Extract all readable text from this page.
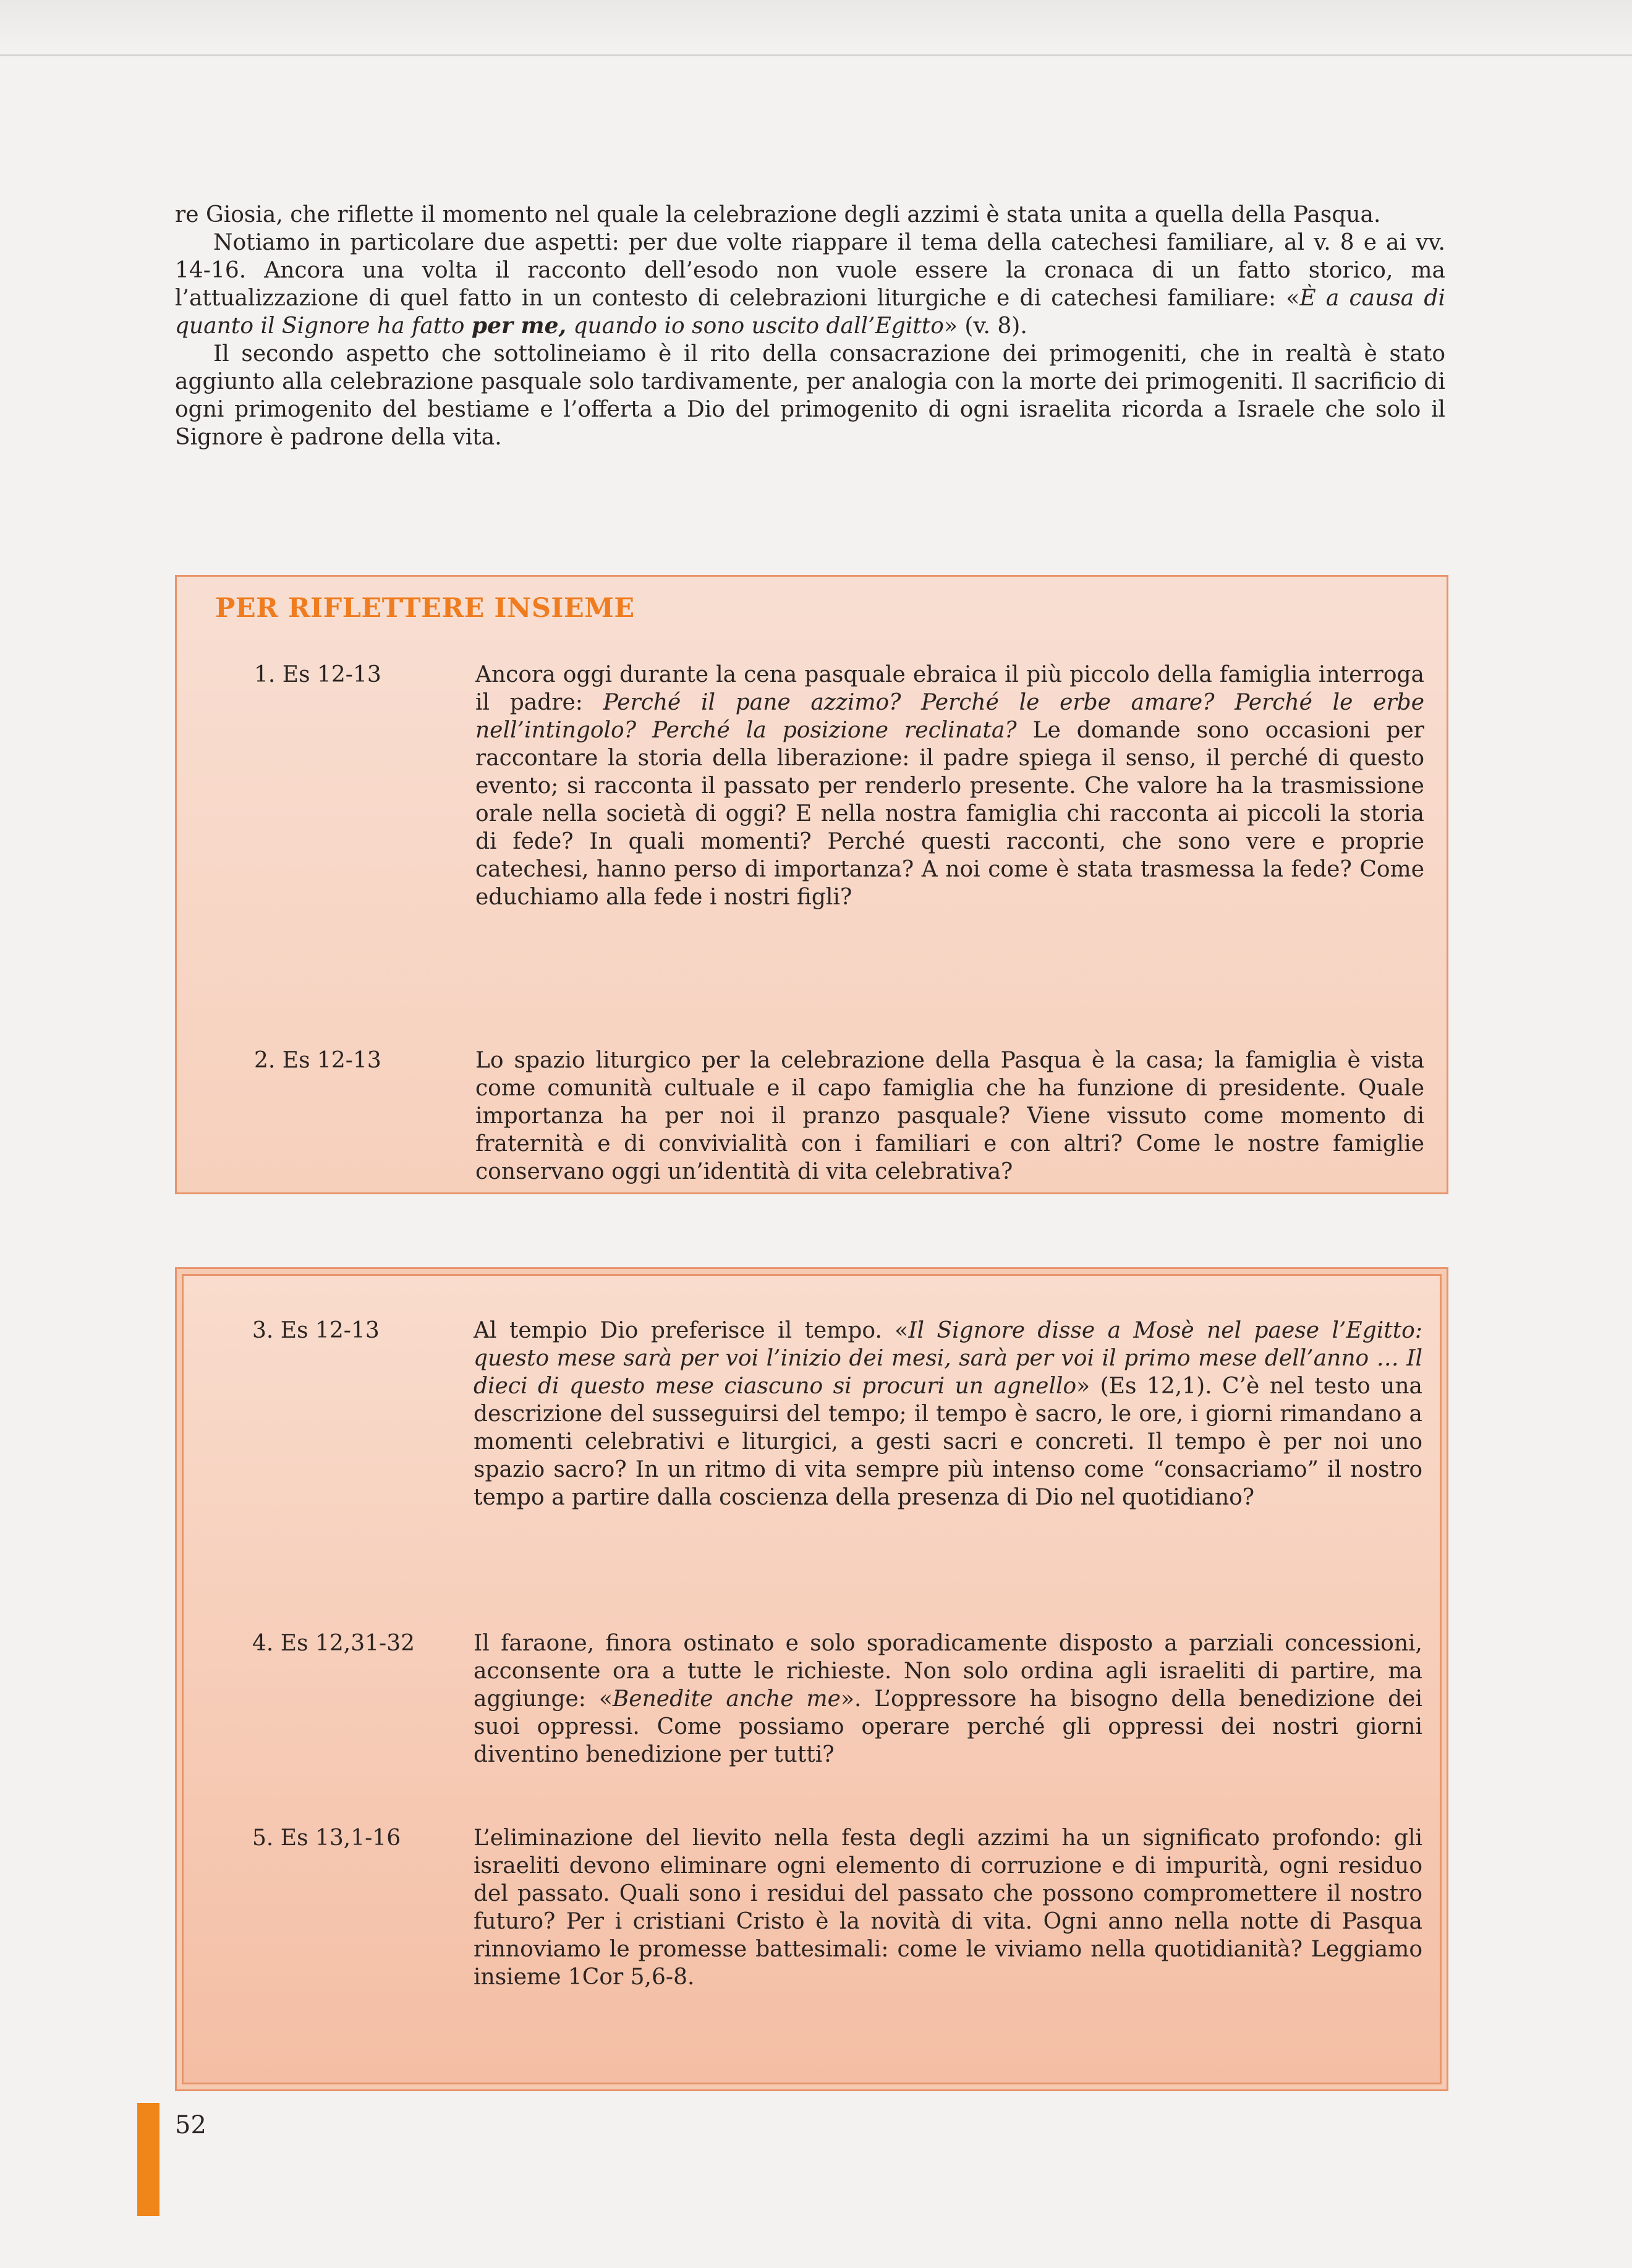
re Giosia, che riflette il momento nel quale la celebrazione degli azzimi è stata unita a quella della Pasqua.

Notiamo in particolare due aspetti: per due volte riappare il tema della catechesi familiare, al v. 8 e ai vv. 14-16. Ancora una volta il racconto dell’esodo non vuole essere la cronaca di un fatto storico, ma l’attualizzazione di quel fatto in un contesto di celebrazioni liturgiche e di catechesi familiare: «È a causa di quanto il Signore ha fatto per me, quando io sono uscito dall’Egitto» (v. 8).

Il secondo aspetto che sottolineiamo è il rito della consacrazione dei primogeniti, che in realtà è stato aggiunto alla celebrazione pasquale solo tardivamente, per analogia con la morte dei primogeniti. Il sacrificio di ogni primogenito del bestiame e l’offerta a Dio del primogenito di ogni israelita ricorda a Israele che solo il Signore è padrone della vita.

PER RIFLETTERE INSIEME
1. Es 12-13	Ancora oggi durante la cena pasquale ebraica il più piccolo della famiglia interroga il padre: Perché il pane azzimo? Perché le erbe amare? Perché le erbe nell’intingolo? Perché la posizione reclinata? Le domande sono occasioni per raccontare la storia della liberazione: il padre spiega il senso, il perché di questo evento; si racconta il passato per renderlo presente. Che valore ha la trasmissione orale nella società di oggi? E nella nostra famiglia chi racconta ai piccoli la storia di fede? In quali momenti? Perché questi racconti, che sono vere e proprie catechesi, hanno perso di importanza? A noi come è stata trasmessa la fede? Come educhiamo alla fede i nostri figli?
2. Es 12-13	Lo spazio liturgico per la celebrazione della Pasqua è la casa; la famiglia è vista come comunità cultuale e il capo famiglia che ha funzione di presidente. Quale importanza ha per noi il pranzo pasquale? Viene vissuto come momento di fraternità e di convivialità con i familiari e con altri? Come le nostre famiglie conservano oggi un’identità di vita celebrativa?
3. Es 12-13	Al tempio Dio preferisce il tempo. «Il Signore disse a Mosè nel paese l’Egitto: questo mese sarà per voi l’inizio dei mesi, sarà per voi il primo mese dell’anno … Il dieci di questo mese ciascuno si procuri un agnello» (Es 12,1). C’è nel testo una descrizione del susseguirsi del tempo; il tempo è sacro, le ore, i giorni rimandano a momenti celebrativi e liturgici, a gesti sacri e concreti. Il tempo è per noi uno spazio sacro? In un ritmo di vita sempre più intenso come “consacriamo” il nostro tempo a partire dalla coscienza della presenza di Dio nel quotidiano?
4. Es 12,31-32	Il faraone, finora ostinato e solo sporadicamente disposto a parziali concessioni, acconsente ora a tutte le richieste. Non solo ordina agli israeliti di partire, ma aggiunge: «Benedite anche me». L’oppressore ha bisogno della benedizione dei suoi oppressi. Come possiamo operare perché gli oppressi dei nostri giorni diventino benedizione per tutti?
5. Es 13,1-16	L’eliminazione del lievito nella festa degli azzimi ha un significato profondo: gli israeliti devono eliminare ogni elemento di corruzione e di impurità, ogni residuo del passato. Quali sono i residui del passato che possono compromettere il nostro futuro? Per i cristiani Cristo è la novità di vita. Ogni anno nella notte di Pasqua rinnoviamo le promesse battesimali: come le viviamo nella quotidianità? Leggiamo insieme 1Cor 5,6-8.
52
